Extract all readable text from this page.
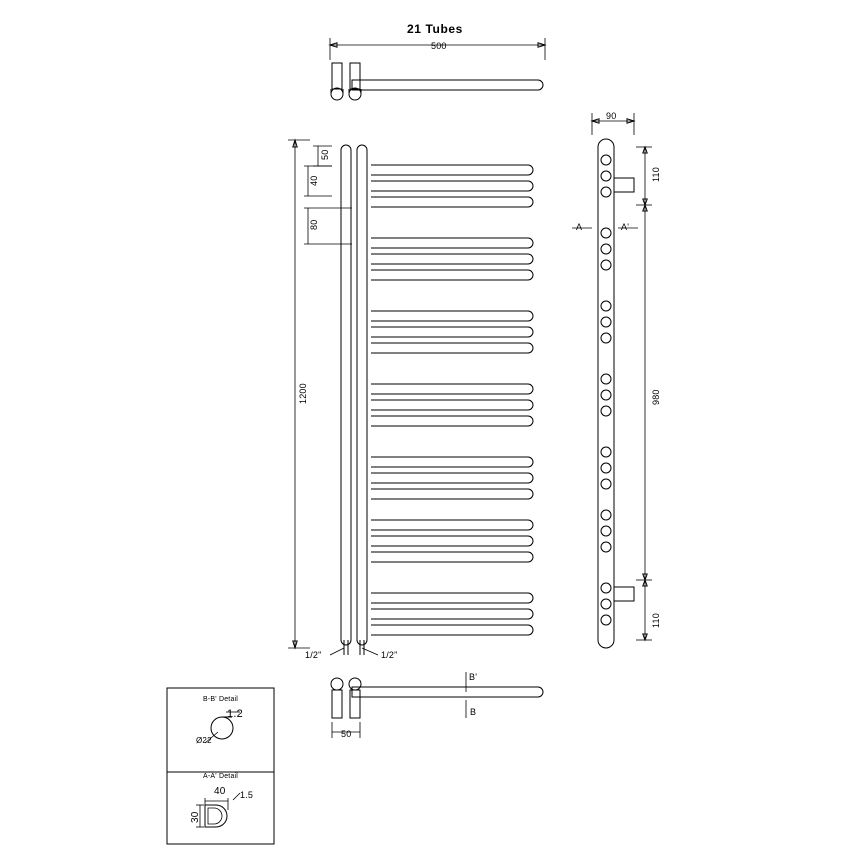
21 Tubes
500
90
1200
50
40
80
110
980
110
1/2"	1/2"
A	A'
B'
B
50
B-B' Detail
1.2
Ø22
A-A' Detail
40 1.5
30
